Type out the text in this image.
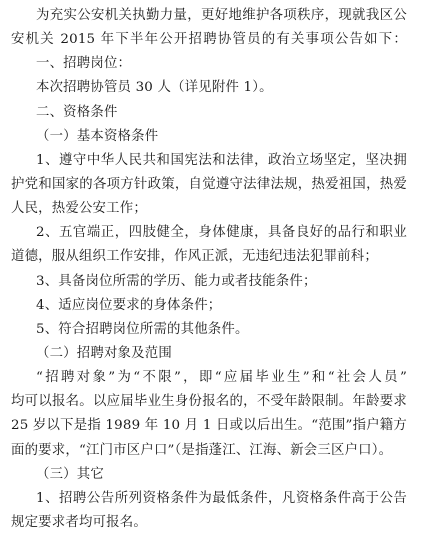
为充实公安机关执勤力量，更好地维护各项秩序，现就我区公
安机关 2015 年下半年公开招聘协管员的有关事项公告如下：
一、招聘岗位：
本次招聘协管员 30 人（详见附件 1）。
二、资格条件
（一）基本资格条件
1、遵守中华人民共和国宪法和法律，政治立场坚定，坚决拥
护党和国家的各项方针政策，自觉遵守法律法规，热爱祖国，热爱
人民，热爱公安工作；
2、五官端正，四肢健全，身体健康，具备良好的品行和职业
道德，服从组织工作安排，作风正派，无违纪违法犯罪前科；
3、具备岗位所需的学历、能力或者技能条件；
4、适应岗位要求的身体条件；
5、符合招聘岗位所需的其他条件。
（二）招聘对象及范围
“招聘对象”为“不限”，即“应届毕业生”和“社会人员”
均可以报名。以应届毕业生身份报名的，不受年龄限制。年龄要求
25 岁以下是指 1989 年 10 月 1 日或以后出生。“范围”指户籍方
面的要求，“江门市区户口”（是指蓬江、江海、新会三区户口）。
（三）其它
1、招聘公告所列资格条件为最低条件，凡资格条件高于公告
规定要求者均可报名。
